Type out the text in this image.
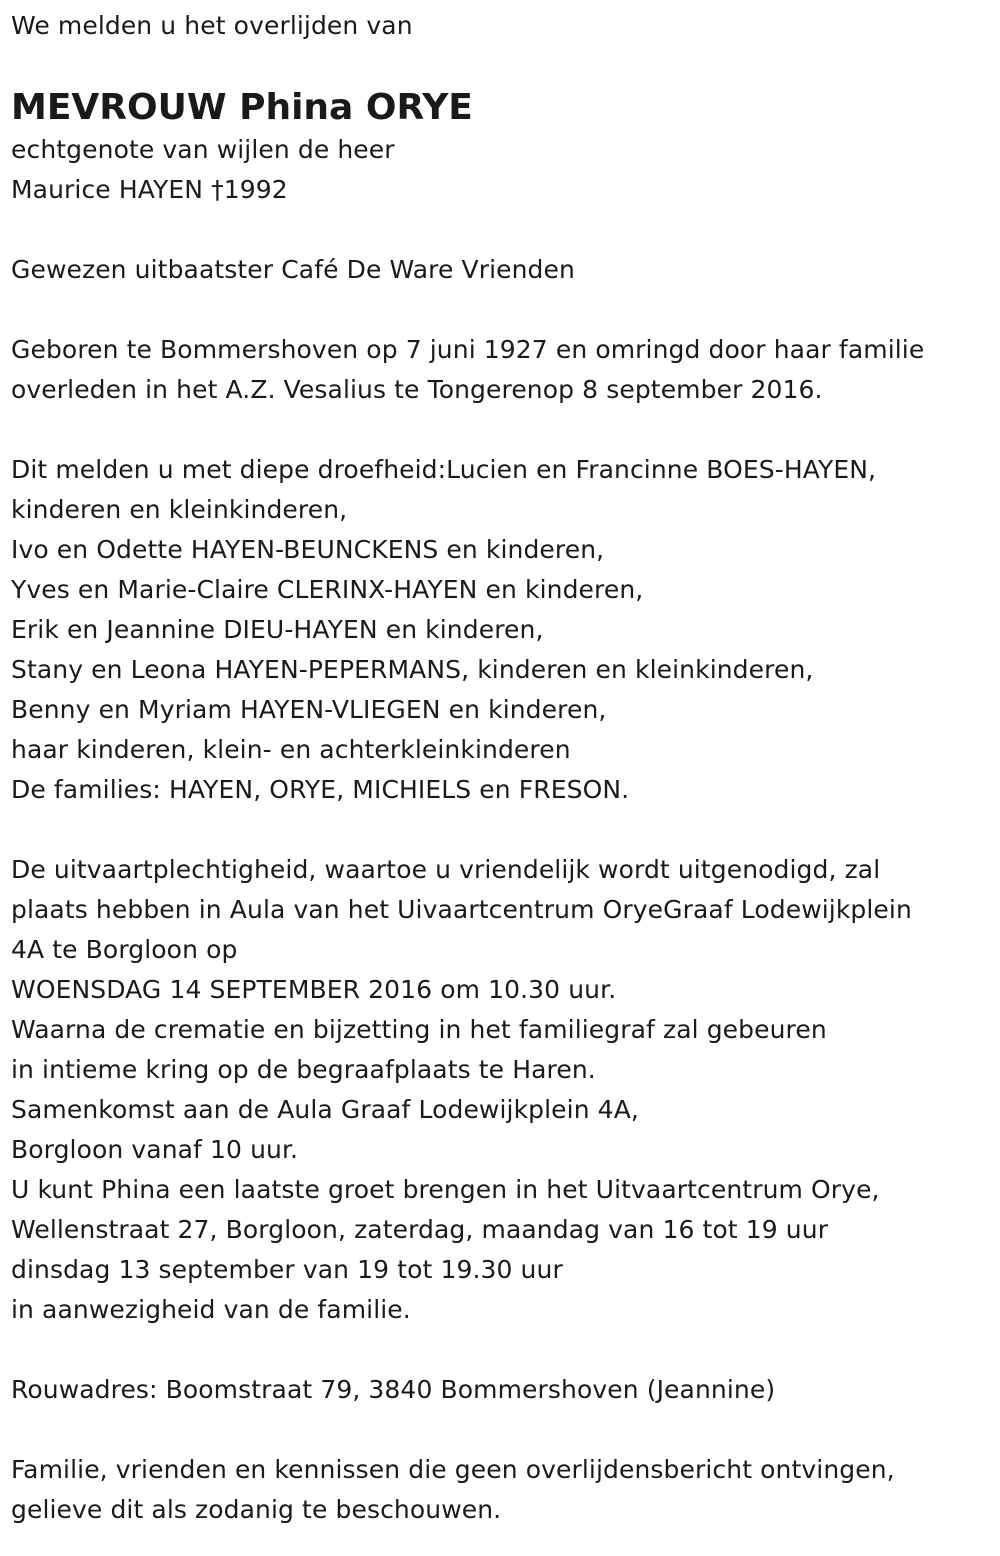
We melden u het overlijden van
MEVROUW Phina ORYE
echtgenote van wijlen de heer
Maurice HAYEN †1992
Gewezen uitbaatster Café De Ware Vrienden
Geboren te Bommershoven op 7 juni 1927 en omringd door haar familie
overleden in het A.Z. Vesalius te Tongerenop 8 september 2016.
Dit melden u met diepe droefheid:Lucien en Francinne BOES-HAYEN,
kinderen en kleinkinderen,
Ivo en Odette HAYEN-BEUNCKENS en kinderen,
Yves en Marie-Claire CLERINX-HAYEN en kinderen,
Erik en Jeannine DIEU-HAYEN en kinderen,
Stany en Leona HAYEN-PEPERMANS, kinderen en kleinkinderen,
Benny en Myriam HAYEN-VLIEGEN en kinderen,
haar kinderen, klein- en achterkleinkinderen
De families: HAYEN, ORYE, MICHIELS en FRESON.
De uitvaartplechtigheid, waartoe u vriendelijk wordt uitgenodigd, zal
plaats hebben in Aula van het Uivaartcentrum OryeGraaf Lodewijkplein
4A te Borgloon op
WOENSDAG 14 SEPTEMBER 2016 om 10.30 uur.
Waarna de crematie en bijzetting in het familiegraf zal gebeuren
in intieme kring op de begraafplaats te Haren.
Samenkomst aan de Aula Graaf Lodewijkplein 4A,
Borgloon vanaf 10 uur.
U kunt Phina een laatste groet brengen in het Uitvaartcentrum Orye,
Wellenstraat 27, Borgloon, zaterdag, maandag van 16 tot 19 uur
dinsdag 13 september van 19 tot 19.30 uur
in aanwezigheid van de familie.
Rouwadres: Boomstraat 79, 3840 Bommershoven (Jeannine)
Familie, vrienden en kennissen die geen overlijdensbericht ontvingen,
gelieve dit als zodanig te beschouwen.
